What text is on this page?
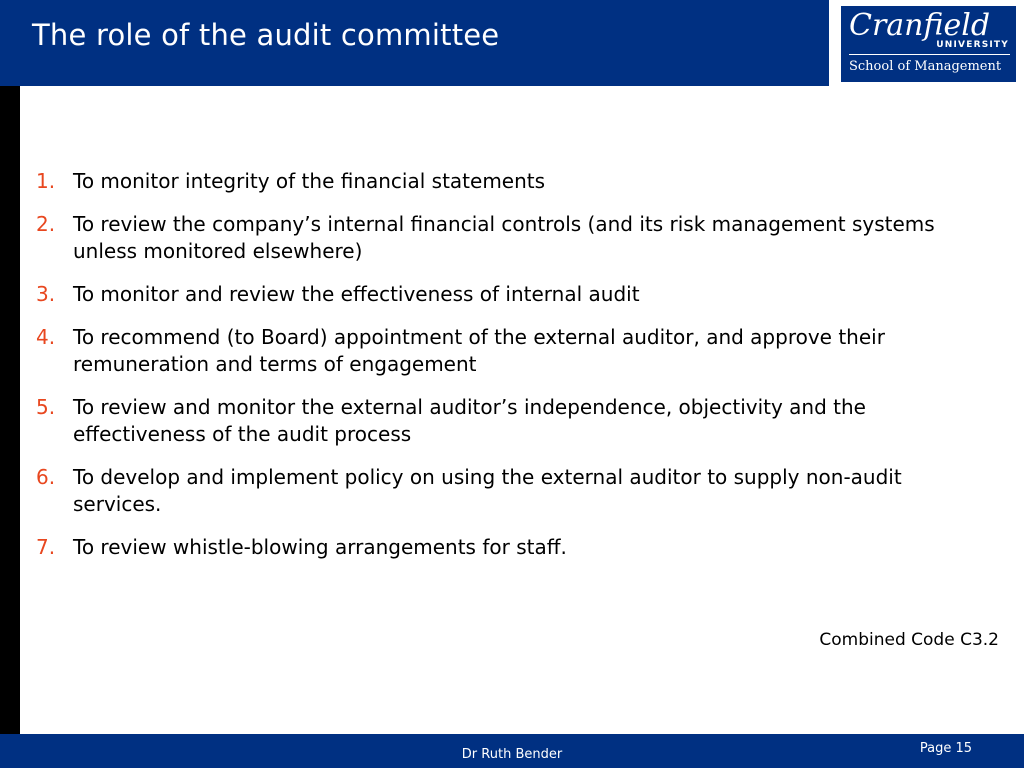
The role of the audit committee	Cranfield
UNIVERSITY
School of Management
1. To monitor integrity of the financial statements
2. To review the company’s internal financial controls (and its risk management systems unless monitored elsewhere)
3. To monitor and review the effectiveness of internal audit
4. To recommend (to Board) appointment of the external auditor, and approve their remuneration and terms of engagement
5. To review and monitor the external auditor’s independence, objectivity and the effectiveness of the audit process
6. To develop and implement policy on using the external auditor to supply non-audit services.
7. To review whistle-blowing arrangements for staff.
Combined Code C3.2
Dr Ruth Bender	Page 15
